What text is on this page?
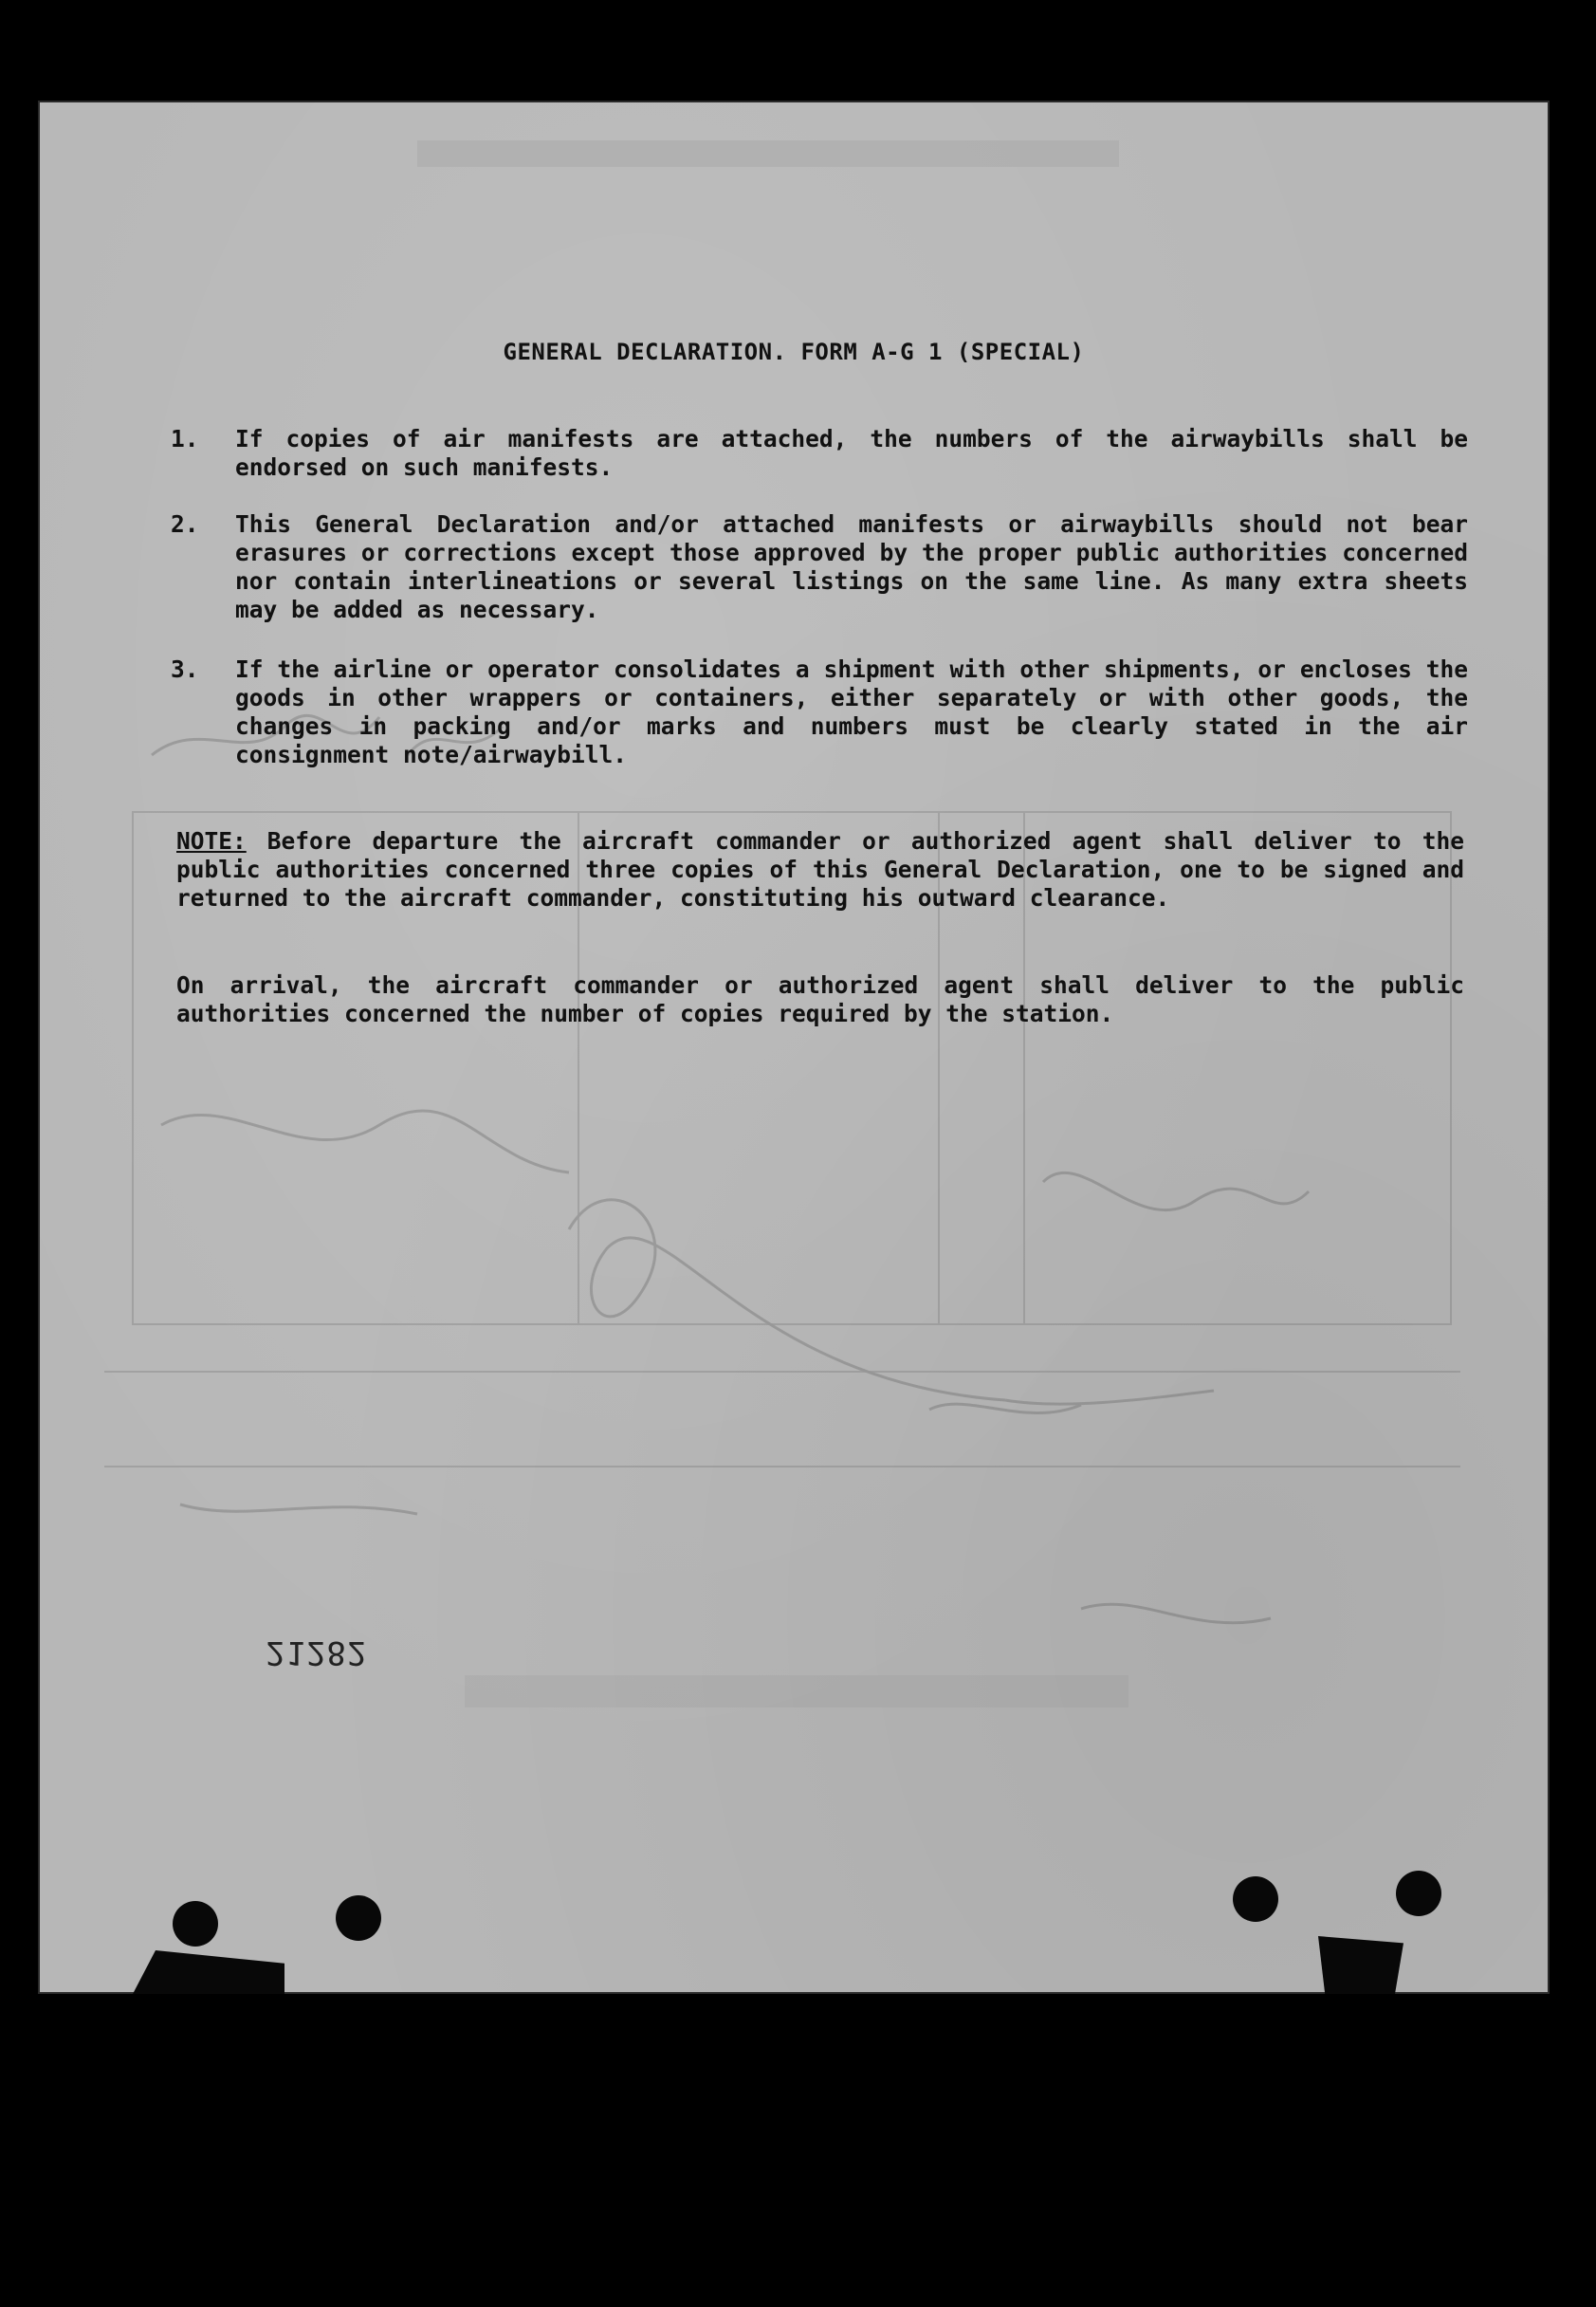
GENERAL DECLARATION. FORM A-G 1 (SPECIAL)
1.	If copies of air manifests are attached, the numbers of the airwaybills shall be endorsed on such manifests.
2.	This General Declaration and/or attached manifests or airwaybills should not bear erasures or corrections except those approved by the proper public authorities concerned nor contain interlineations or several listings on the same line. As many extra sheets may be added as necessary.
3.	If the airline or operator consolidates a shipment with other shipments, or encloses the goods in other wrappers or containers, either separately or with other goods, the changes in packing and/or marks and numbers must be clearly stated in the air consignment note/airwaybill.
NOTE: Before departure the aircraft commander or authorized agent shall deliver to the public authorities concerned three copies of this General Declaration, one to be signed and returned to the aircraft commander, constituting his outward clearance.
On arrival, the aircraft commander or authorized agent shall deliver to the public authorities concerned the number of copies required by the station.
21282
